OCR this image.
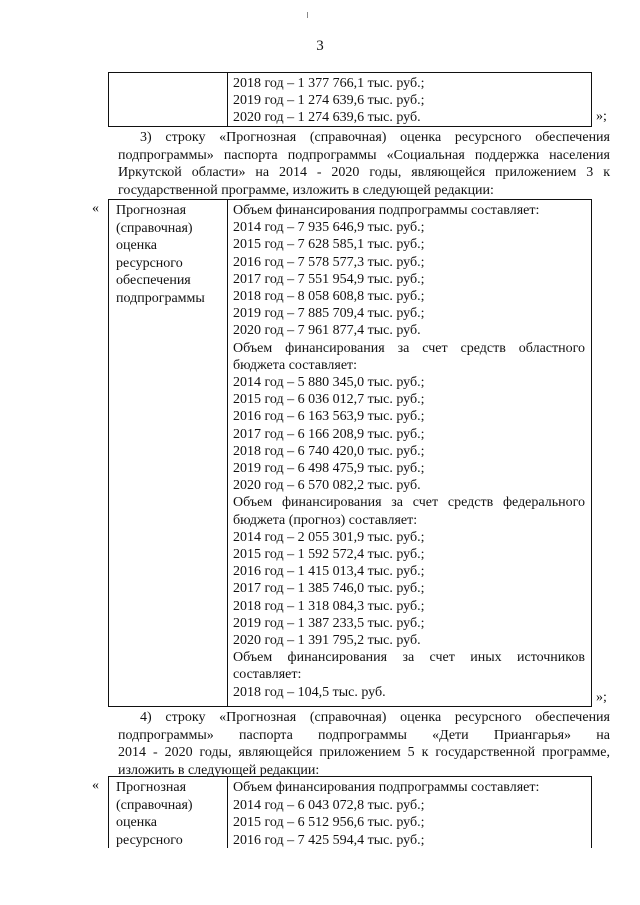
3
2018 год – 1 377 766,1 тыс. руб.;
2019 год – 1 274 639,6 тыс. руб.;
2020 год – 1 274 639,6 тыс. руб.	»;
3) строку «Прогнозная (справочная) оценка ресурсного обеспечения
подпрограммы» паспорта подпрограммы «Социальная поддержка населения
Иркутской области» на 2014 - 2020 годы, являющейся приложением 3 к
государственной программе, изложить в следующей редакции:
« Прогнозная
(справочная)
оценка
ресурсного
обеспечения
подпрограммы
Объем финансирования подпрограммы составляет:
2014 год – 7 935 646,9 тыс. руб.;
2015 год – 7 628 585,1 тыс. руб.;
2016 год – 7 578 577,3 тыс. руб.;
2017 год – 7 551 954,9 тыс. руб.;
2018 год – 8 058 608,8 тыс. руб.;
2019 год – 7 885 709,4 тыс. руб.;
2020 год – 7 961 877,4 тыс. руб.
Объем финансирования за счет средств областного
бюджета составляет:
2014 год – 5 880 345,0 тыс. руб.;
2015 год – 6 036 012,7 тыс. руб.;
2016 год – 6 163 563,9 тыс. руб.;
2017 год – 6 166 208,9 тыс. руб.;
2018 год – 6 740 420,0 тыс. руб.;
2019 год – 6 498 475,9 тыс. руб.;
2020 год – 6 570 082,2 тыс. руб.
Объем финансирования за счет средств федерального
бюджета (прогноз) составляет:
2014 год – 2 055 301,9 тыс. руб.;
2015 год – 1 592 572,4 тыс. руб.;
2016 год – 1 415 013,4 тыс. руб.;
2017 год – 1 385 746,0 тыс. руб.;
2018 год – 1 318 084,3 тыс. руб.;
2019 год – 1 387 233,5 тыс. руб.;
2020 год – 1 391 795,2 тыс. руб.
Объем финансирования за счет иных источников
составляет:
2018 год – 104,5 тыс. руб.	»;
4) строку «Прогнозная (справочная) оценка ресурсного обеспечения
подпрограммы» паспорта подпрограммы «Дети Приангарья» на
2014 - 2020 годы, являющейся приложением 5 к государственной программе,
изложить в следующей редакции:
« Прогнозная
(справочная)
оценка
ресурсного
Объем финансирования подпрограммы составляет:
2014 год – 6 043 072,8 тыс. руб.;
2015 год – 6 512 956,6 тыс. руб.;
2016 год – 7 425 594,4 тыс. руб.;
